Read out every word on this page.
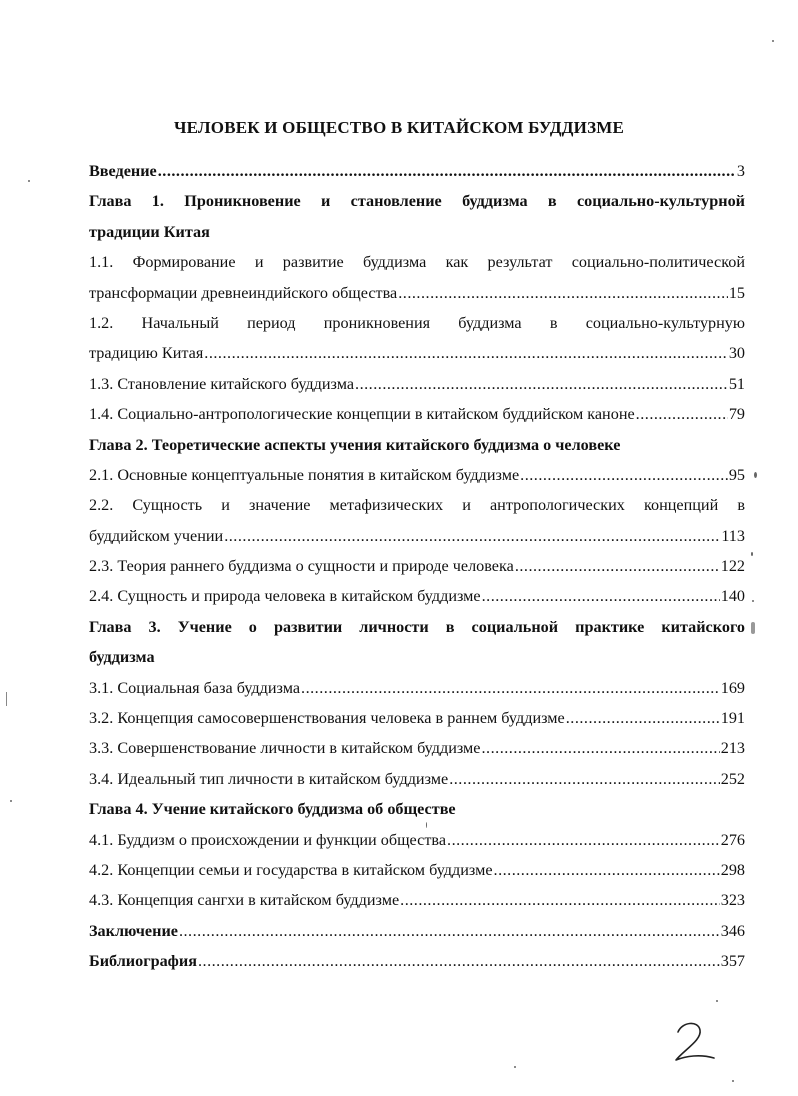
ЧЕЛОВЕК И ОБЩЕСТВО В КИТАЙСКОМ БУДДИЗМЕ
Введение .....	3
Глава 1. Проникновение и становление буддизма в социально-культурной
традиции Китая
1.1. Формирование и развитие буддизма как результат социально-политической
трансформации древнеиндийского общества .....	15
1.2. Начальный период проникновения буддизма в социально-культурную
традицию Китая .....	30
1.3. Становление китайского буддизма .....	51
1.4. Социально-антропологические концепции в китайском буддийском каноне .....	79
Глава 2. Теоретические аспекты учения китайского буддизма о человеке
2.1. Основные концептуальные понятия в китайском буддизме .....	95
2.2. Сущность и значение метафизических и антропологических концепций в
буддийском учении .....	113
2.3. Теория раннего буддизма о сущности и природе человека .....	122
2.4. Сущность и природа человека в китайском буддизме .....	140
Глава 3. Учение о развитии личности в социальной практике китайского
буддизма
3.1. Социальная база буддизма .....	169
3.2. Концепция самосовершенствования человека в раннем буддизме .....	191
3.3. Совершенствование личности в китайском буддизме .....	213
3.4. Идеальный тип личности в китайском буддизме .....	252
Глава 4. Учение китайского буддизма об обществе
4.1. Буддизм о происхождении и функции общества .....	276
4.2. Концепции семьи и государства в китайском буддизме .....	298
4.3. Концепция сангхи в китайском буддизме .....	323
Заключение .....	346
Библиография .....	357
